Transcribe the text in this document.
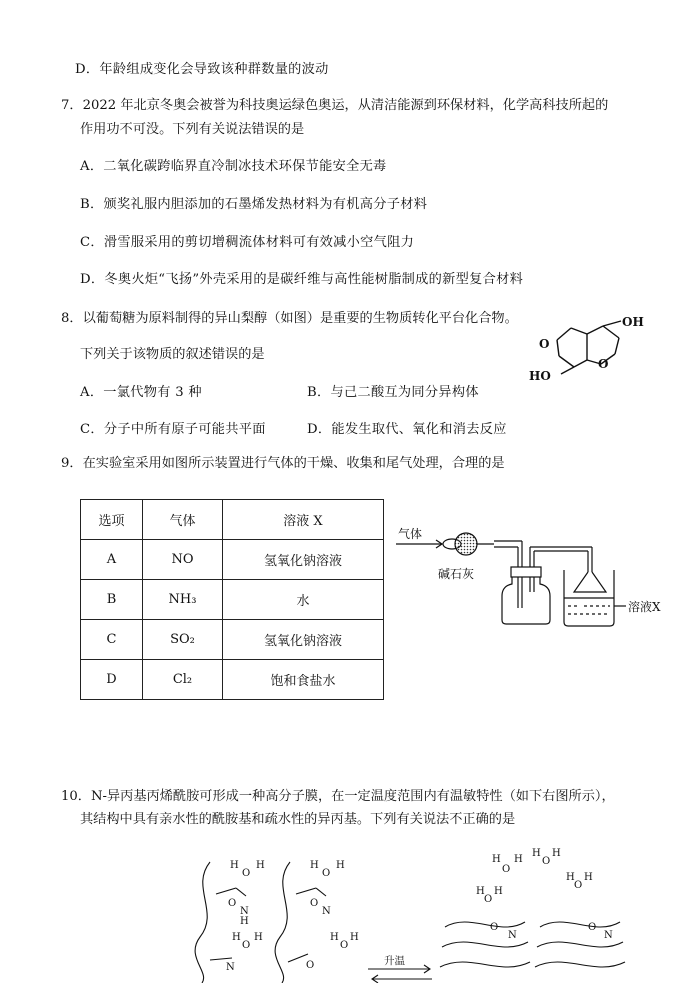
D．年龄组成变化会导致该种群数量的波动
7．2022 年北京冬奥会被誉为科技奥运绿色奥运，从清洁能源到环保材料，化学高科技所起的
作用功不可没。下列有关说法错误的是
A．二氧化碳跨临界直冷制冰技术环保节能安全无毒
B．颁奖礼服内胆添加的石墨烯发热材料为有机高分子材料
C．滑雪服采用的剪切增稠流体材料可有效减小空气阻力
D．冬奥火炬“飞扬”外壳采用的是碳纤维与高性能树脂制成的新型复合材料
8．以葡萄糖为原料制得的异山梨醇（如图）是重要的生物质转化平台化合物。
下列关于该物质的叙述错误的是
A．一氯代物有 3 种	B．与己二酸互为同分异构体
C．分子中所有原子可能共平面	D．能发生取代、氧化和消去反应
O
O
OH
HO
9．在实验室采用如图所示装置进行气体的干燥、收集和尾气处理，合理的是
选项	气体	溶液 X
A	NO	氢氧化钠溶液
B	NH₃	水
C	SO₂	氢氧化钠溶液
D	Cl₂	饱和食盐水
气体
碱石灰
溶液X
10．N-异丙基丙烯酰胺可形成一种高分子膜，在一定温度范围内有温敏特性（如下右图所示），
其结构中具有亲水性的酰胺基和疏水性的异丙基。下列有关说法不正确的是
H
O
H
O
N
H
H
O
H
O
N
H
O
H	H
O
H
N	O
H
O
H
H
O
H
H
O
H
H
O
H
O
N
O
N
升温
